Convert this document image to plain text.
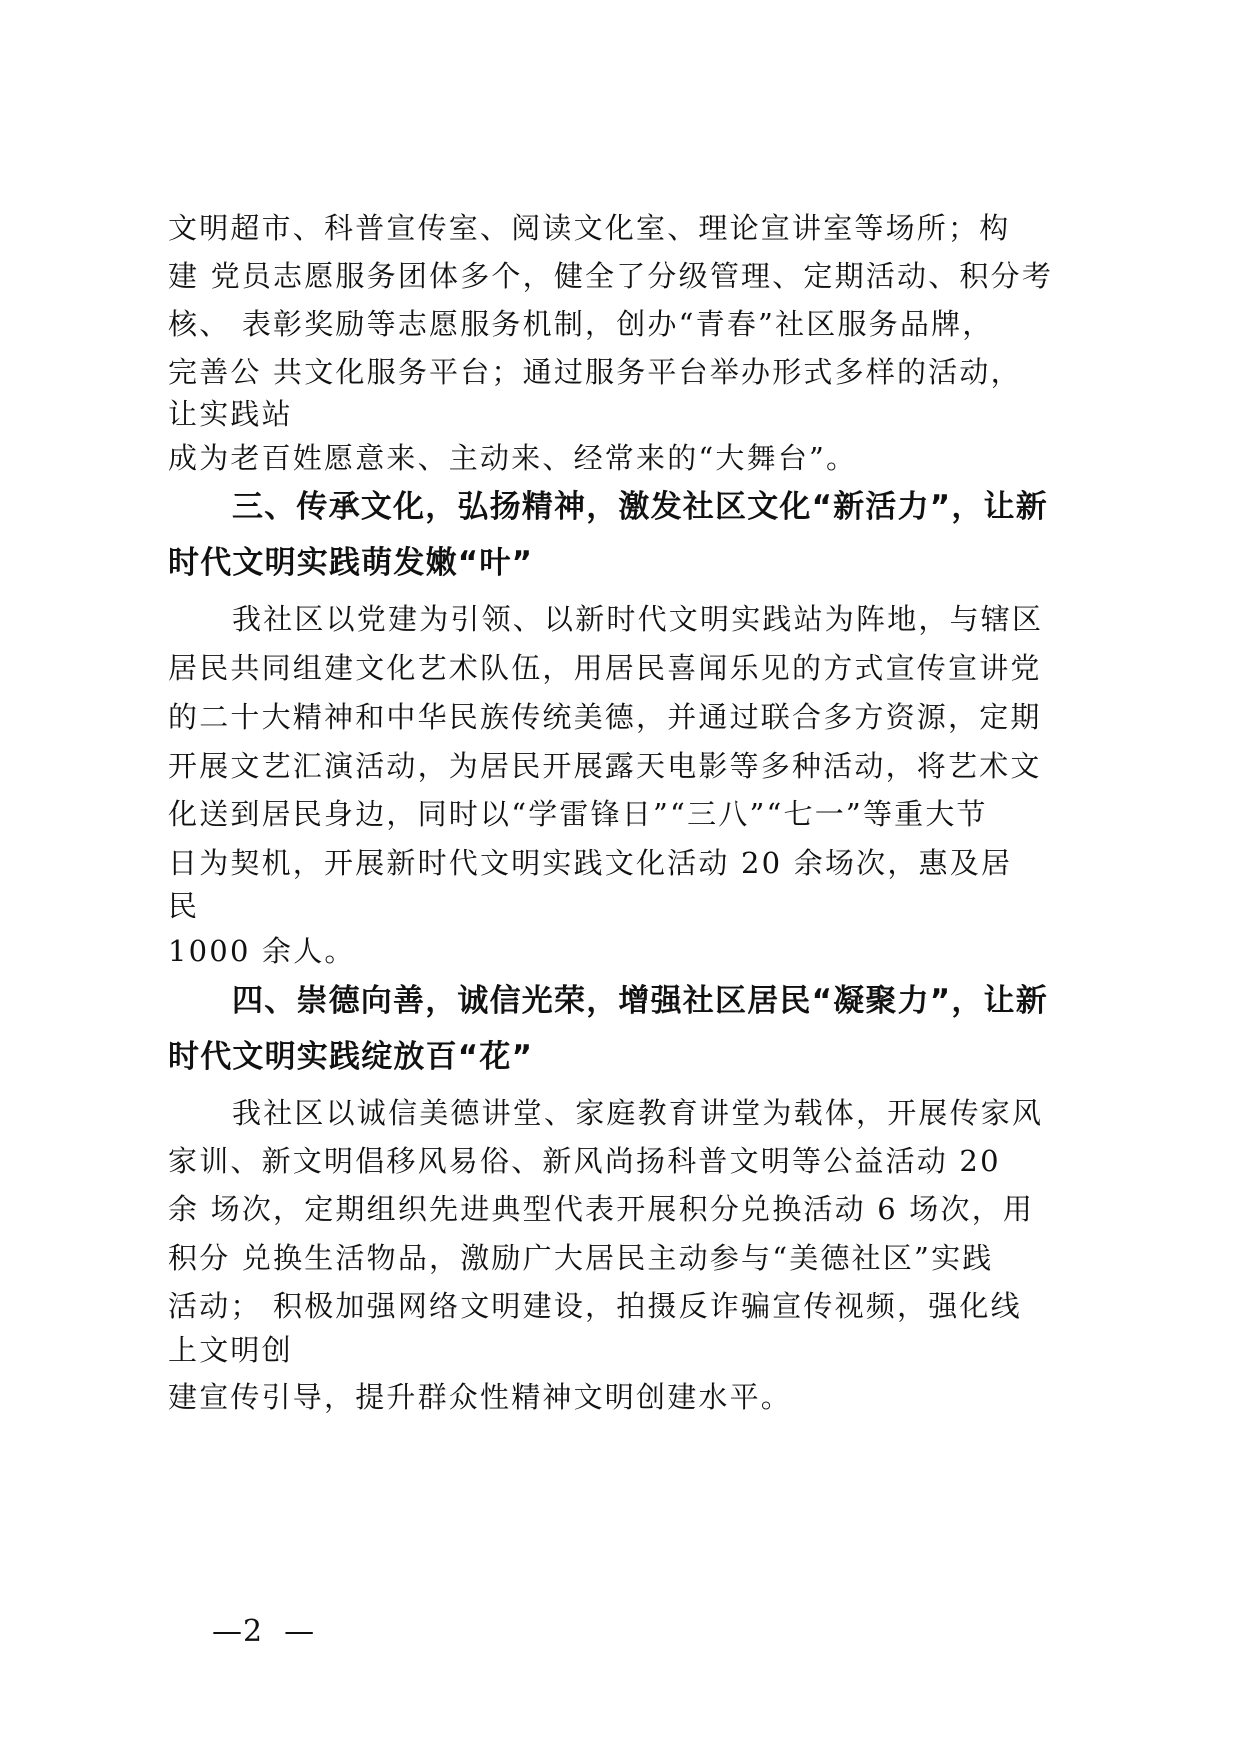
文明超市、科普宣传室、阅读文化室、理论宣讲室等场所；构
建 党员志愿服务团体多个，健全了分级管理、定期活动、积分考
核、 表彰奖励等志愿服务机制，创办“青春”社区服务品牌，
完善公 共文化服务平台；通过服务平台举办形式多样的活动，
让实践站
成为老百姓愿意来、主动来、经常来的“大舞台”。
三、传承文化，弘扬精神，激发社区文化“新活力”，让新
时代文明实践萌发嫩“叶”
我社区以党建为引领、以新时代文明实践站为阵地，与辖区
居民共同组建文化艺术队伍，用居民喜闻乐见的方式宣传宣讲党
的二十大精神和中华民族传统美德，并通过联合多方资源，定期
开展文艺汇演活动，为居民开展露天电影等多种活动，将艺术文
化送到居民身边，同时以“学雷锋日”“三八”“七一”等重大节
日为契机，开展新时代文明实践文化活动 20 余场次，惠及居
民
1000 余人。
四、崇德向善，诚信光荣，增强社区居民“凝聚力”，让新
时代文明实践绽放百“花”
我社区以诚信美德讲堂、家庭教育讲堂为载体，开展传家风
家训、新文明倡移风易俗、新风尚扬科普文明等公益活动 20
余 场次，定期组织先进典型代表开展积分兑换活动 6 场次，用
积分 兑换生活物品，激励广大居民主动参与“美德社区”实践
活动； 积极加强网络文明建设，拍摄反诈骗宣传视频，强化线
上文明创
建宣传引导，提升群众性精神文明创建水平。
—2  —
